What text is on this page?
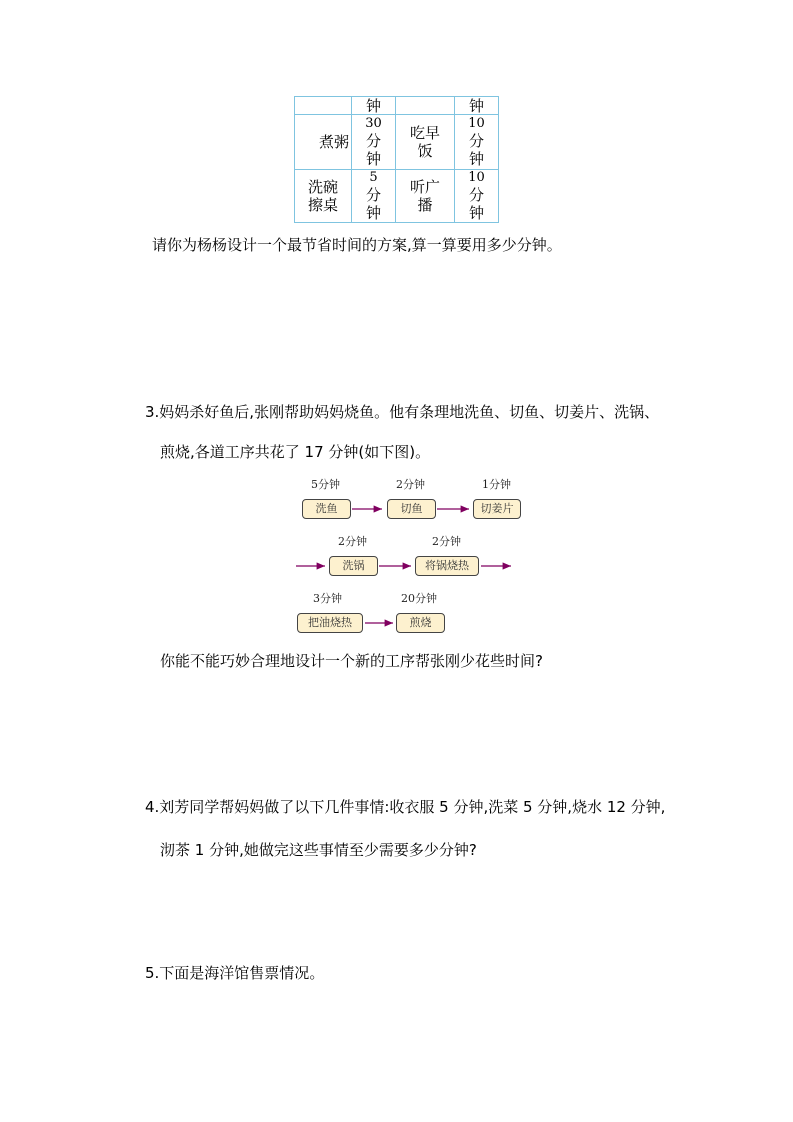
钟	钟
煮粥
30
分
钟
吃早
饭
10
分
钟
洗碗
擦桌
5
分
钟
听广
播
10
分
钟
请你为杨杨设计一个最节省时间的方案,算一算要用多少分钟。
3.妈妈杀好鱼后,张刚帮助妈妈烧鱼。他有条理地洗鱼、切鱼、切姜片、洗锅、
煎烧,各道工序共花了 17 分钟(如下图)。
5分钟
洗鱼
2分钟
切鱼
1分钟
切姜片
2分钟
洗锅
2分钟
将锅烧热
3分钟
把油烧热
20分钟
煎烧
你能不能巧妙合理地设计一个新的工序帮张刚少花些时间?
4.刘芳同学帮妈妈做了以下几件事情:收衣服 5 分钟,洗菜 5 分钟,烧水 12 分钟,
沏茶 1 分钟,她做完这些事情至少需要多少分钟?
5.下面是海洋馆售票情况。
